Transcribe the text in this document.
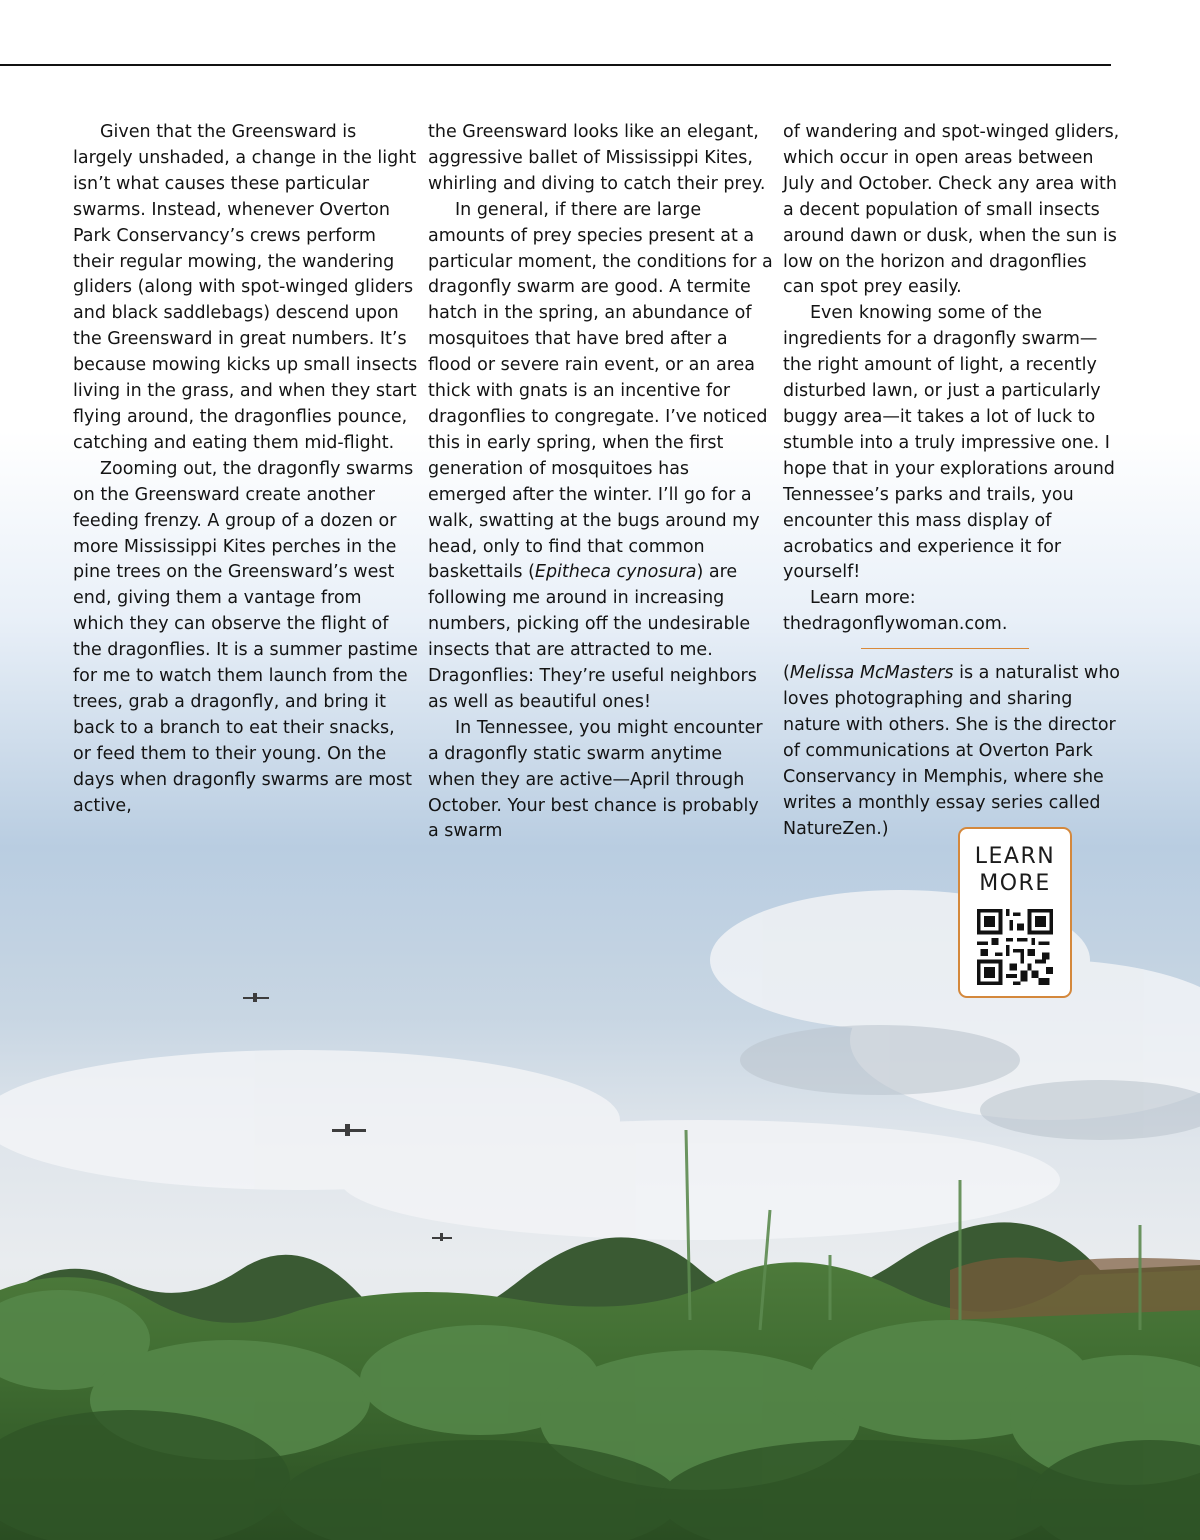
Given that the Greensward is largely unshaded, a change in the light isn’t what causes these particular swarms. Instead, whenever Overton Park Conservancy’s crews perform their regular mowing, the wandering gliders (along with spot-winged gliders and black saddlebags) descend upon the Greensward in great numbers. It’s because mowing kicks up small insects living in the grass, and when they start flying around, the dragonflies pounce, catching and eating them mid-flight.

Zooming out, the dragonfly swarms on the Greensward create another feeding frenzy. A group of a dozen or more Mississippi Kites perches in the pine trees on the Greensward’s west end, giving them a vantage from which they can observe the flight of the dragonflies. It is a summer pastime for me to watch them launch from the trees, grab a dragonfly, and bring it back to a branch to eat their snacks, or feed them to their young. On the days when dragonfly swarms are most active,

the Greensward looks like an elegant, aggressive ballet of Mississippi Kites, whirling and diving to catch their prey.

In general, if there are large amounts of prey species present at a particular moment, the conditions for a dragonfly swarm are good. A termite hatch in the spring, an abundance of mosquitoes that have bred after a flood or severe rain event, or an area thick with gnats is an incentive for dragonflies to congregate. I’ve noticed this in early spring, when the first generation of mosquitoes has emerged after the winter. I’ll go for a walk, swatting at the bugs around my head, only to find that common baskettails (Epitheca cynosura) are following me around in increasing numbers, picking off the undesirable insects that are attracted to me. Dragonflies: They’re useful neighbors as well as beautiful ones!

In Tennessee, you might encounter a dragonfly static swarm anytime when they are active—April through October. Your best chance is probably a swarm

of wandering and spot-winged gliders, which occur in open areas between July and October. Check any area with a decent population of small insects around dawn or dusk, when the sun is low on the horizon and dragonflies can spot prey easily.

Even knowing some of the ingredients for a dragonfly swarm—the right amount of light, a recently disturbed lawn, or just a particularly buggy area—it takes a lot of luck to stumble into a truly impressive one. I hope that in your explorations around Tennessee’s parks and trails, you encounter this mass display of acrobatics and experience it for yourself!

Learn more: thedragonflywoman.com.

(Melissa McMasters is a naturalist who loves photographing and sharing nature with others. She is the director of communications at Overton Park Conservancy in Memphis, where she writes a monthly essay series called NatureZen.)

LEARN
MORE
